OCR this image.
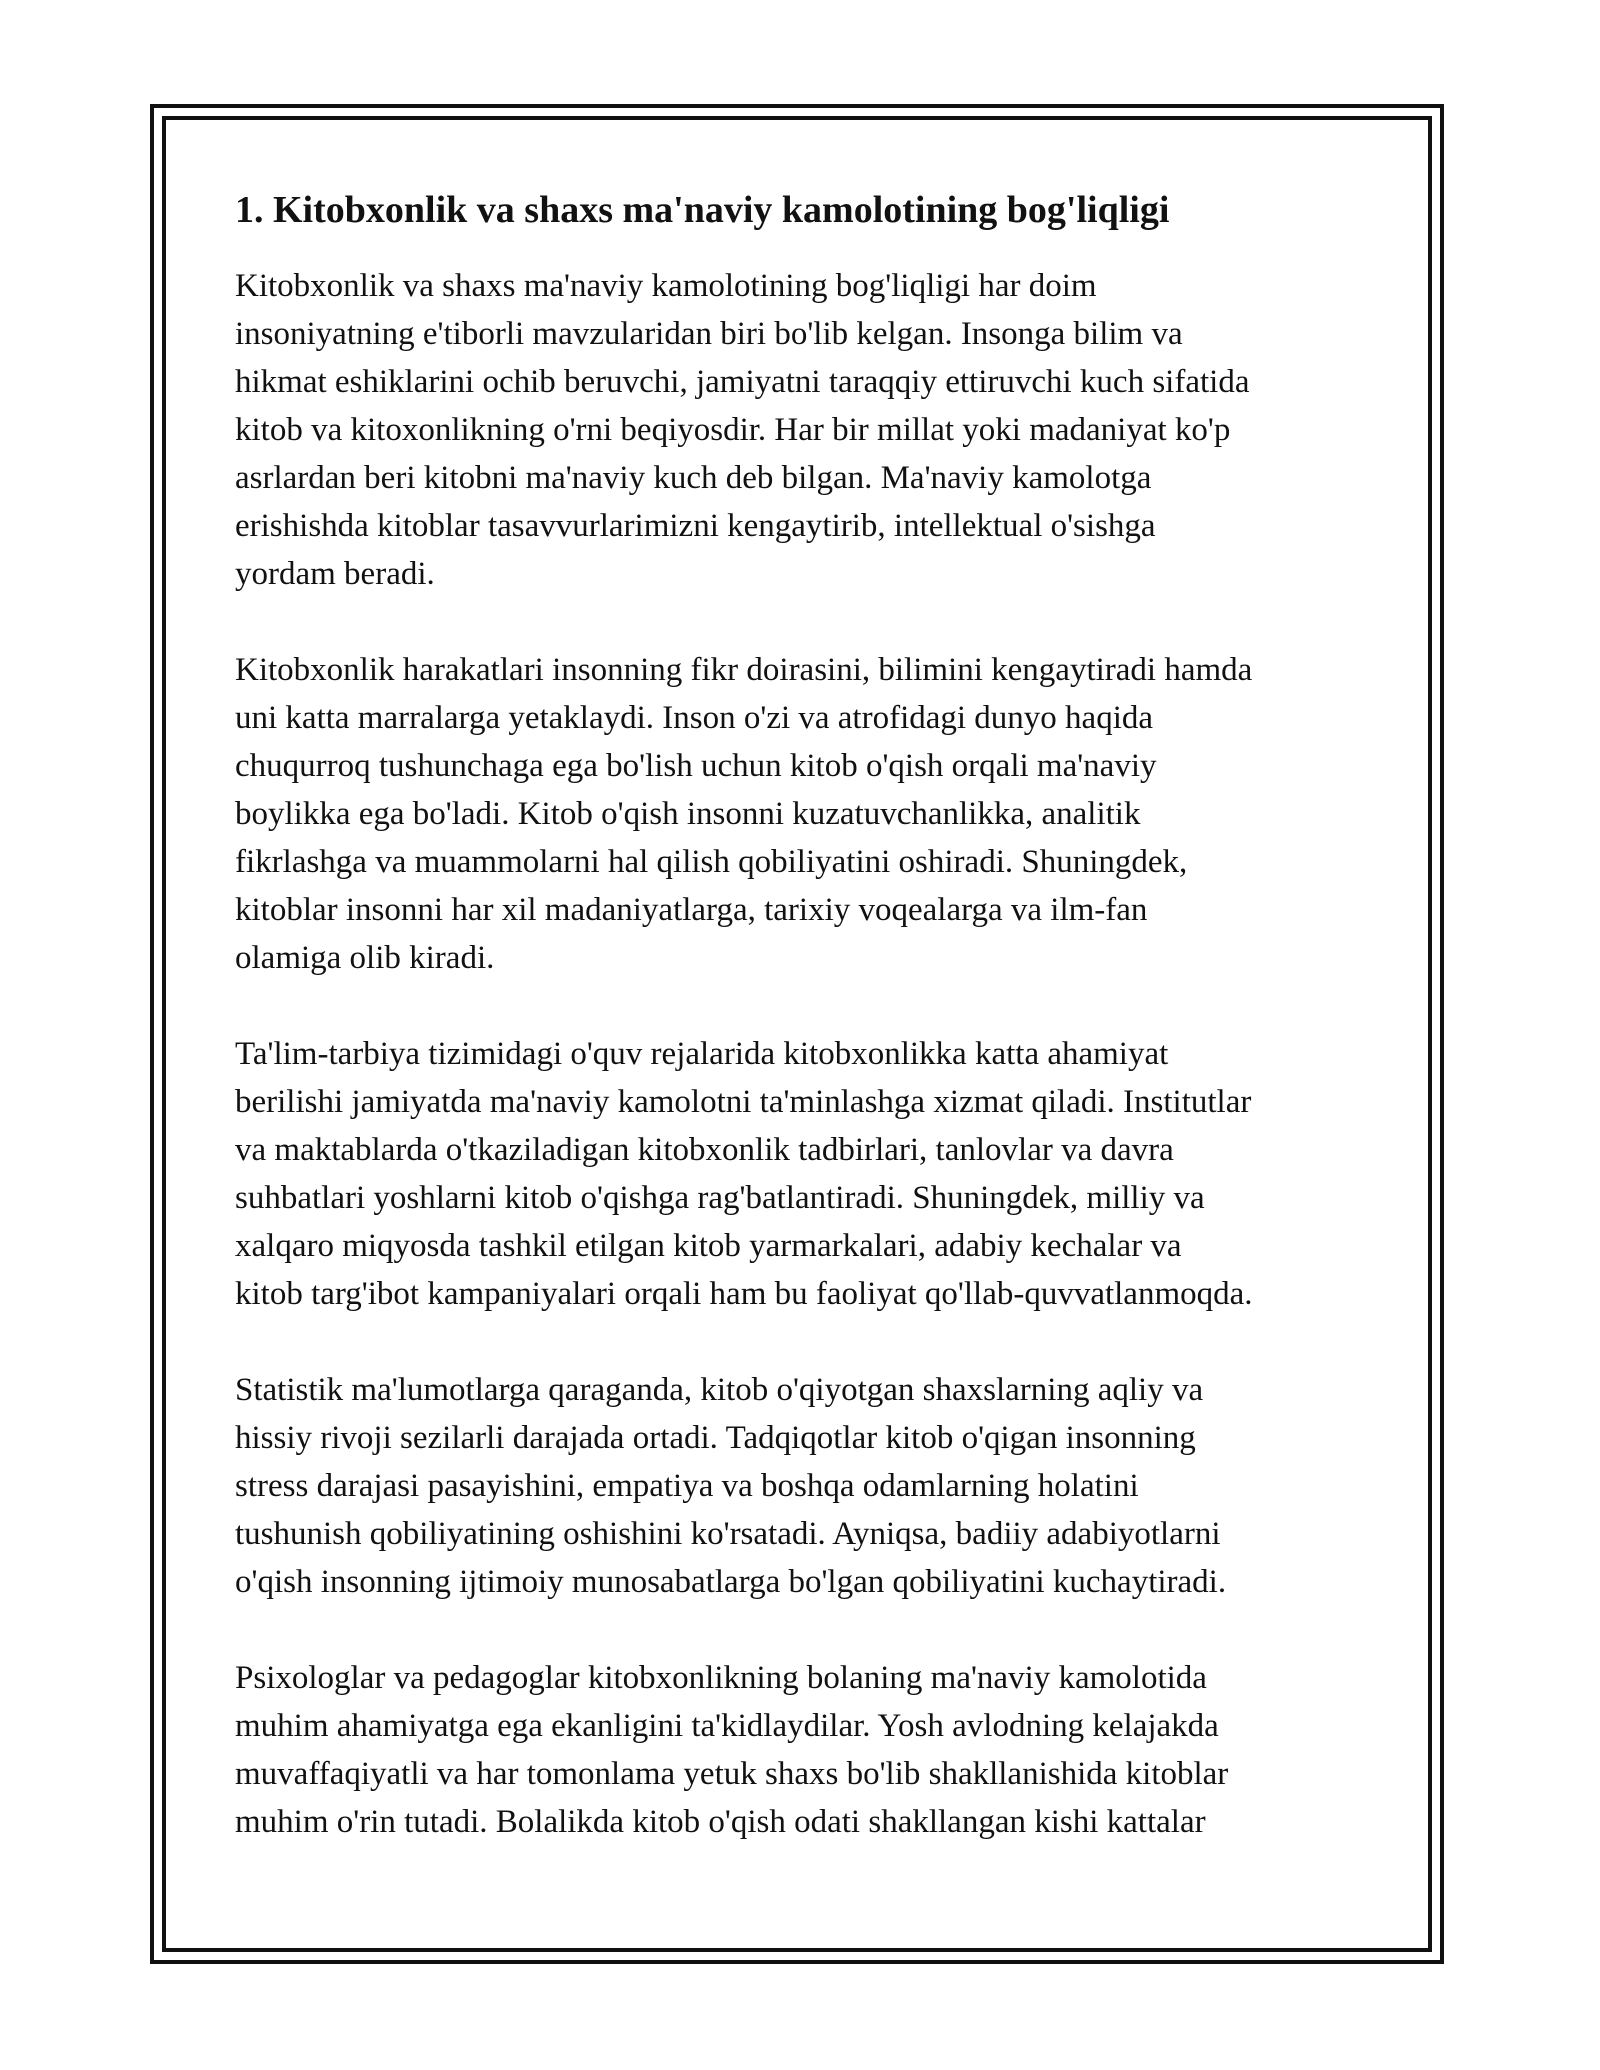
1. Kitobxonlik va shaxs ma'naviy kamolotining bog'liqligi

Kitobxonlik va shaxs ma'naviy kamolotining bog'liqligi har doim
insoniyatning e'tiborli mavzularidan biri bo'lib kelgan. Insonga bilim va
hikmat eshiklarini ochib beruvchi, jamiyatni taraqqiy ettiruvchi kuch sifatida
kitob va kitoxonlikning o'rni beqiyosdir. Har bir millat yoki madaniyat ko'p
asrlardan beri kitobni ma'naviy kuch deb bilgan. Ma'naviy kamolotga
erishishda kitoblar tasavvurlarimizni kengaytirib, intellektual o'sishga
yordam beradi.

Kitobxonlik harakatlari insonning fikr doirasini, bilimini kengaytiradi hamda
uni katta marralarga yetaklaydi. Inson o'zi va atrofidagi dunyo haqida
chuqurroq tushunchaga ega bo'lish uchun kitob o'qish orqali ma'naviy
boylikka ega bo'ladi. Kitob o'qish insonni kuzatuvchanlikka, analitik
fikrlashga va muammolarni hal qilish qobiliyatini oshiradi. Shuningdek,
kitoblar insonni har xil madaniyatlarga, tarixiy voqealarga va ilm-fan
olamiga olib kiradi.

Ta'lim-tarbiya tizimidagi o'quv rejalarida kitobxonlikka katta ahamiyat
berilishi jamiyatda ma'naviy kamolotni ta'minlashga xizmat qiladi. Institutlar
va maktablarda o'tkaziladigan kitobxonlik tadbirlari, tanlovlar va davra
suhbatlari yoshlarni kitob o'qishga rag'batlantiradi. Shuningdek, milliy va
xalqaro miqyosda tashkil etilgan kitob yarmarkalari, adabiy kechalar va
kitob targ'ibot kampaniyalari orqali ham bu faoliyat qo'llab-quvvatlanmoqda.

Statistik ma'lumotlarga qaraganda, kitob o'qiyotgan shaxslarning aqliy va
hissiy rivoji sezilarli darajada ortadi. Tadqiqotlar kitob o'qigan insonning
stress darajasi pasayishini, empatiya va boshqa odamlarning holatini
tushunish qobiliyatining oshishini ko'rsatadi. Ayniqsa, badiiy adabiyotlarni
o'qish insonning ijtimoiy munosabatlarga bo'lgan qobiliyatini kuchaytiradi.

Psixologlar va pedagoglar kitobxonlikning bolaning ma'naviy kamolotida
muhim ahamiyatga ega ekanligini ta'kidlaydilar. Yosh avlodning kelajakda
muvaffaqiyatli va har tomonlama yetuk shaxs bo'lib shakllanishida kitoblar
muhim o'rin tutadi. Bolalikda kitob o'qish odati shakllangan kishi kattalar
